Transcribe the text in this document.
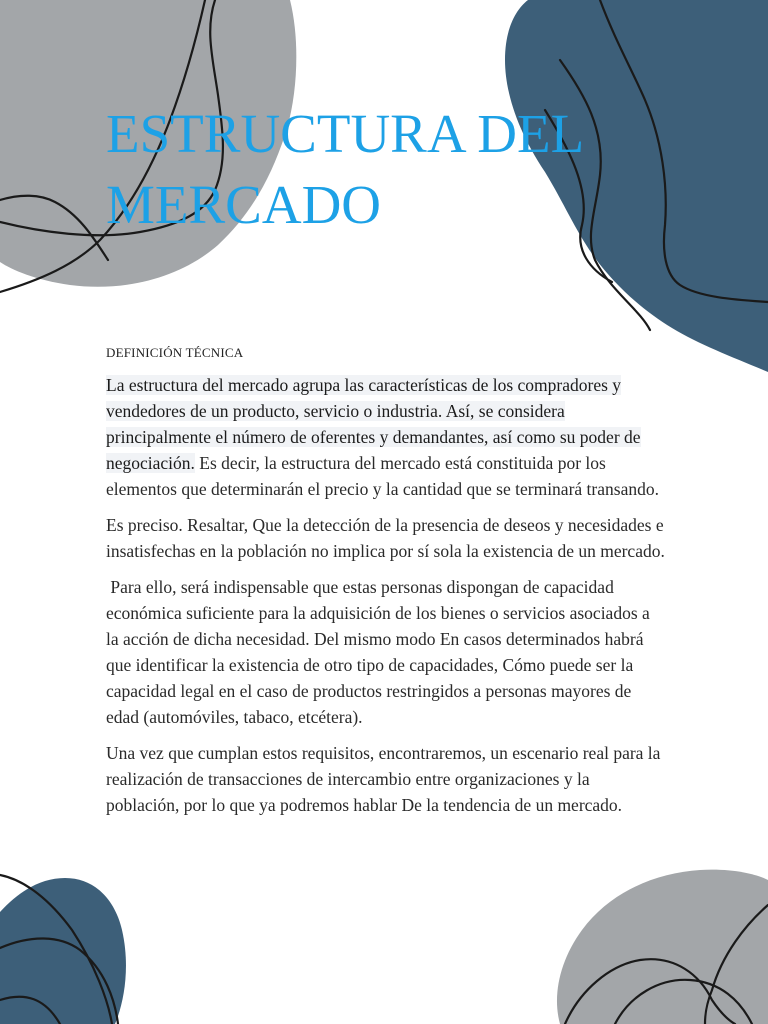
ESTRUCTURA DEL
MERCADO
DEFINICIÓN TÉCNICA

La estructura del mercado agrupa las características de los compradores y vendedores de un producto, servicio o industria. Así, se considera principalmente el número de oferentes y demandantes, así como su poder de negociación. Es decir, la estructura del mercado está constituida por los elementos que determinarán el precio y la cantidad que se terminará transando.

Es preciso. Resaltar, Que la detección de la presencia de deseos y necesidades e insatisfechas en la población no implica por sí sola la existencia de un mercado.

Para ello, será indispensable que estas personas dispongan de capacidad económica suficiente para la adquisición de los bienes o servicios asociados a la acción de dicha necesidad. Del mismo modo En casos determinados habrá que identificar la existencia de otro tipo de capacidades, Cómo puede ser la capacidad legal en el caso de productos restringidos a personas mayores de edad (automóviles, tabaco, etcétera).

Una vez que cumplan estos requisitos, encontraremos, un escenario real para la realización de transacciones de intercambio entre organizaciones y la población, por lo que ya podremos hablar De la tendencia de un mercado.
